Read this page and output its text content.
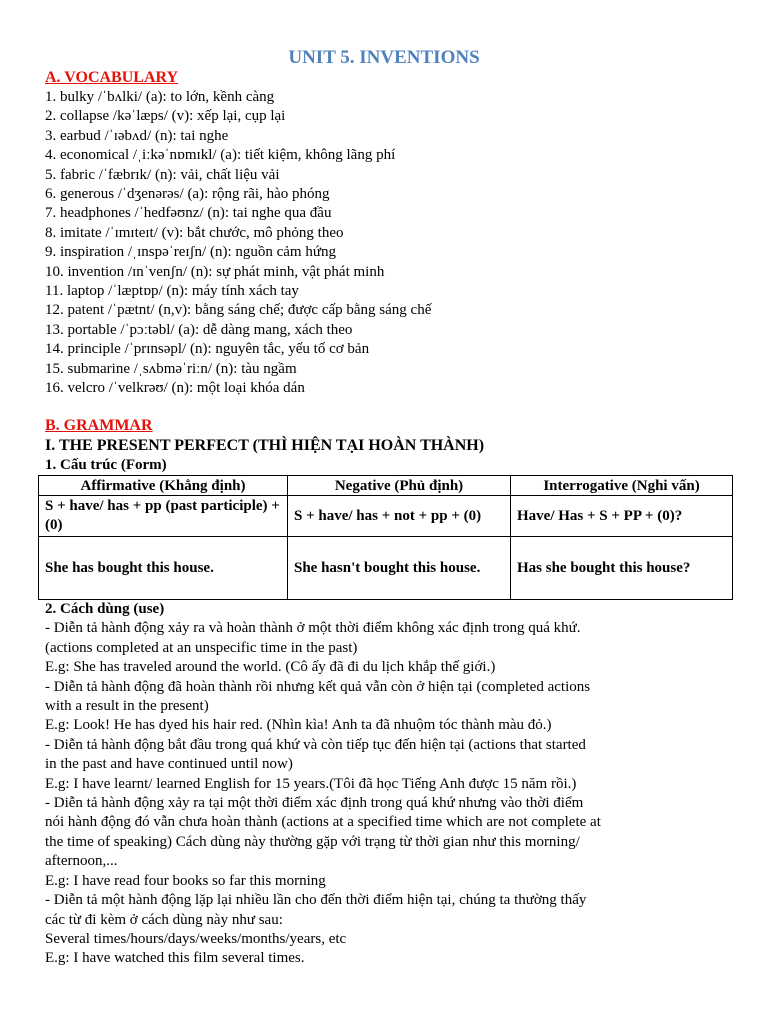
UNIT 5. INVENTIONS
A. VOCABULARY
1. bulky /ˈbʌlki/ (a): to lớn, kềnh càng
2. collapse /kəˈlæps/ (v): xếp lại, cụp lại
3. earbud /ˈɪəbʌd/ (n): tai nghe
4. economical /ˌiːkəˈnɒmɪkl/ (a): tiết kiệm, không lãng phí
5. fabric /ˈfæbrɪk/ (n): vải, chất liệu vải
6. generous /ˈdʒenərəs/ (a): rộng rãi, hào phóng
7. headphones /ˈhedfəʊnz/ (n): tai nghe qua đầu
8. imitate /ˈɪmɪteɪt/ (v): bắt chước, mô phỏng theo
9. inspiration /ˌɪnspəˈreɪʃn/ (n): nguồn cảm hứng
10. invention /ɪnˈvenʃn/ (n): sự phát minh, vật phát minh
11. laptop /ˈlæptɒp/ (n): máy tính xách tay
12. patent /ˈpætnt/ (n,v): bằng sáng chế; được cấp bằng sáng chế
13. portable /ˈpɔːtəbl/ (a): dễ dàng mang, xách theo
14. principle /ˈprɪnsəpl/ (n): nguyên tắc, yếu tố cơ bản
15. submarine /ˌsʌbməˈriːn/ (n): tàu ngầm
16. velcro /ˈvelkrəʊ/ (n): một loại khóa dán
B. GRAMMAR
I. THE PRESENT PERFECT (THÌ HIỆN TẠI HOÀN THÀNH)
1. Cấu trúc (Form)
Affirmative (Khẳng định)	Negative (Phủ định)	Interrogative (Nghi vấn)
S + have/ has + pp (past participle) + (0)	S + have/ has + not + pp + (0)	Have/ Has + S + PP + (0)?
She has bought this house.	She hasn't bought this house.	Has she bought this house?
2. Cách dùng (use)
- Diễn tả hành động xảy ra và hoàn thành ở một thời điểm không xác định trong quá khứ.
(actions completed at an unspecific time in the past)
E.g: She has traveled around the world. (Cô ấy đã đi du lịch khắp thế giới.)
- Diễn tả hành động đã hoàn thành rồi nhưng kết quả vẫn còn ở hiện tại (completed actions
with a result in the present)
E.g: Look! He has dyed his hair red. (Nhìn kìa! Anh ta đã nhuộm tóc thành màu đỏ.)
- Diễn tả hành động bắt đầu trong quá khứ và còn tiếp tục đến hiện tại (actions that started
in the past and have continued until now)
E.g: I have learnt/ learned English for 15 years.(Tôi đã học Tiếng Anh được 15 năm rồi.)
- Diễn tả hành động xảy ra tại một thời điểm xác định trong quá khứ nhưng vào thời điểm
nói hành động đó vẫn chưa hoàn thành (actions at a specified time which are not complete at
the time of speaking) Cách dùng này thường gặp với trạng từ thời gian như this morning/
afternoon,...
E.g: I have read four books so far this morning
- Diễn tả một hành động lặp lại nhiều lần cho đến thời điểm hiện tại, chúng ta thường thấy
các từ đi kèm ở cách dùng này như sau:
Several times/hours/days/weeks/months/years, etc
E.g: I have watched this film several times.
